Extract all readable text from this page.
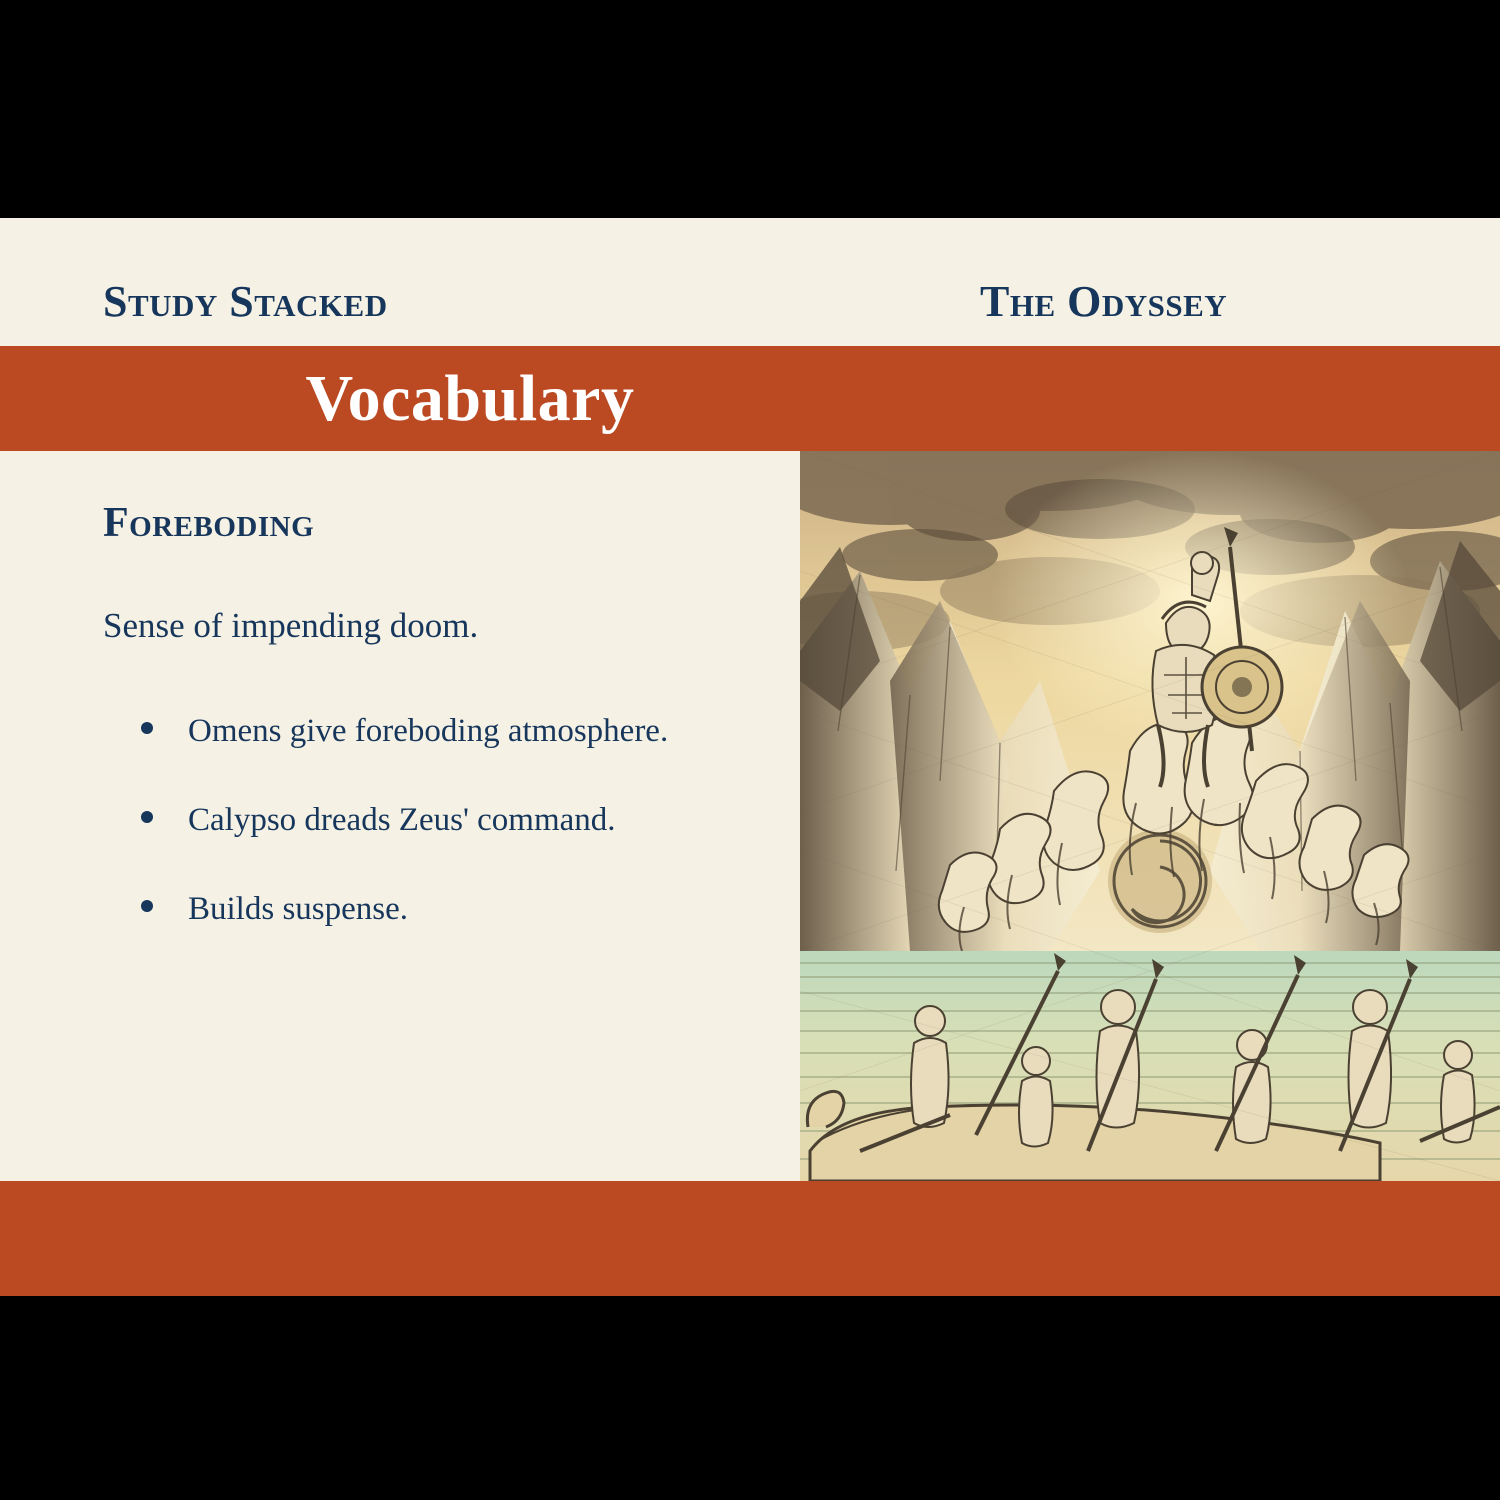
Study Stacked	The Odyssey
Vocabulary
Foreboding
Sense of impending doom.
Omens give foreboding atmosphere.
Calypso dreads Zeus' command.
Builds suspense.
